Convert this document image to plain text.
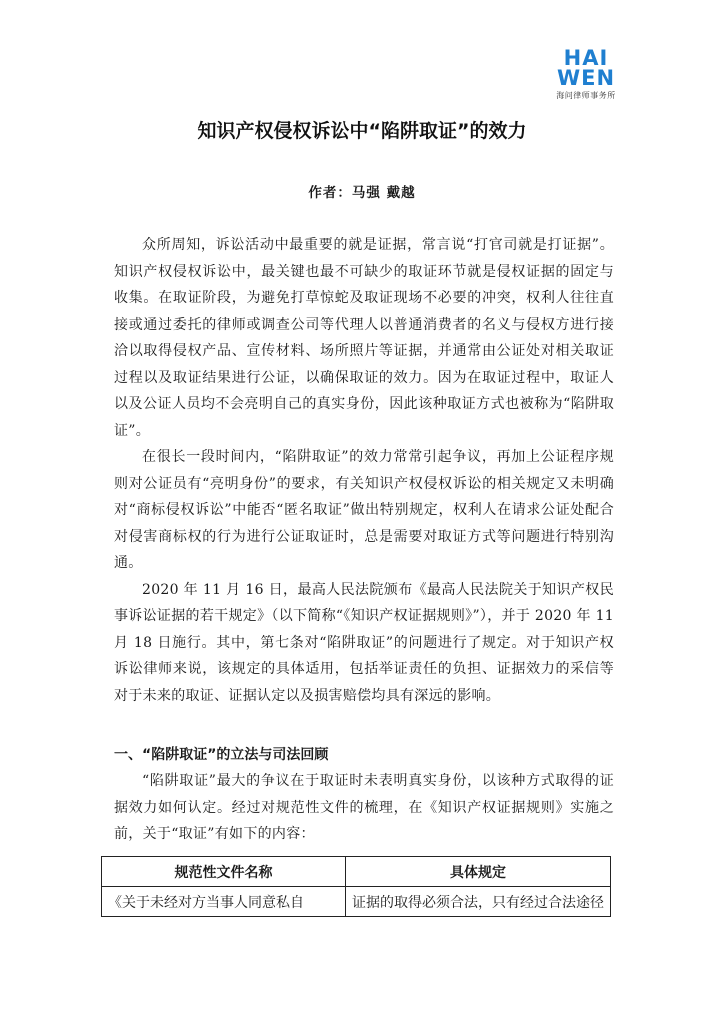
HAI
WEN
海问律师事务所
知识产权侵权诉讼中“陷阱取证”的效力
作者：马强 戴越

众所周知，诉讼活动中最重要的就是证据，常言说“打官司就是打证据”。知识产权侵权诉讼中，最关键也最不可缺少的取证环节就是侵权证据的固定与收集。在取证阶段，为避免打草惊蛇及取证现场不必要的冲突，权利人往往直接或通过委托的律师或调查公司等代理人以普通消费者的名义与侵权方进行接洽以取得侵权产品、宣传材料、场所照片等证据，并通常由公证处对相关取证过程以及取证结果进行公证，以确保取证的效力。因为在取证过程中，取证人以及公证人员均不会亮明自己的真实身份，因此该种取证方式也被称为“陷阱取证”。

在很长一段时间内，“陷阱取证”的效力常常引起争议，再加上公证程序规则对公证员有“亮明身份”的要求，有关知识产权侵权诉讼的相关规定又未明确对“商标侵权诉讼”中能否“匿名取证”做出特别规定，权利人在请求公证处配合对侵害商标权的行为进行公证取证时，总是需要对取证方式等问题进行特别沟通。

2020 年 11 月 16 日，最高人民法院颁布《最高人民法院关于知识产权民事诉讼证据的若干规定》（以下简称“《知识产权证据规则》”），并于 2020 年 11 月 18 日施行。其中，第七条对“陷阱取证”的问题进行了规定。对于知识产权诉讼律师来说，该规定的具体适用，包括举证责任的负担、证据效力的采信等对于未来的取证、证据认定以及损害赔偿均具有深远的影响。

一、“陷阱取证”的立法与司法回顾

“陷阱取证”最大的争议在于取证时未表明真实身份，以该种方式取得的证据效力如何认定。经过对规范性文件的梳理，在《知识产权证据规则》实施之前，关于“取证”有如下的内容：

规范性文件名称	具体规定
《关于未经对方当事人同意私自	证据的取得必须合法，只有经过合法途径
